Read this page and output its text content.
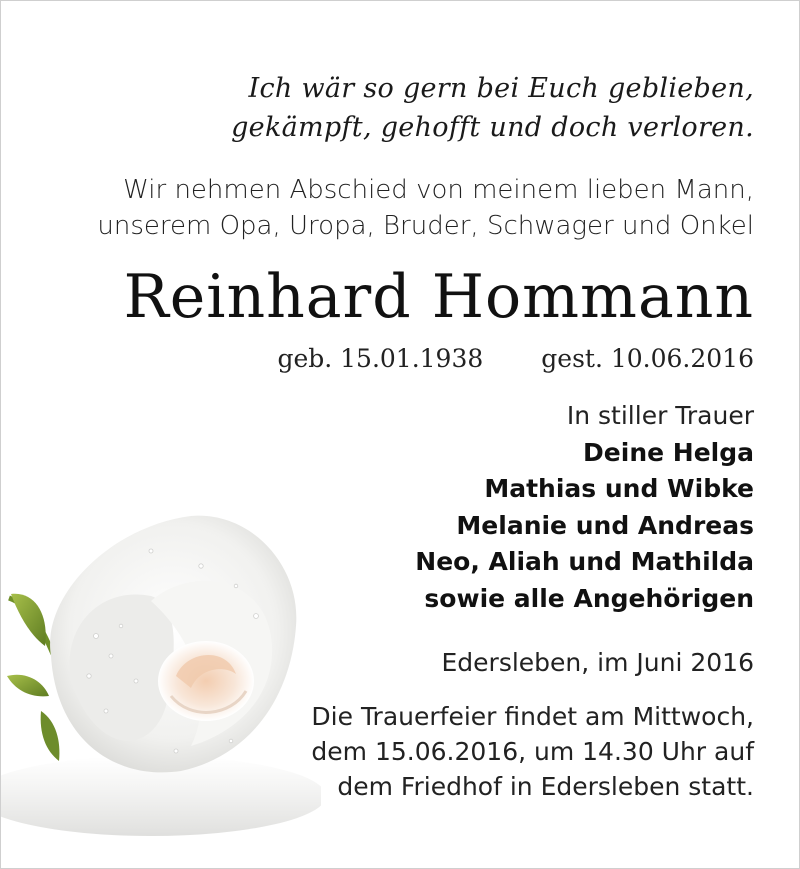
Ich wär so gern bei Euch geblieben,
gekämpft, gehofft und doch verloren.
Wir nehmen Abschied von meinem lieben Mann,
unserem Opa, Uropa, Bruder, Schwager und Onkel
Reinhard Hommann
geb. 15.01.1938 gest. 10.06.2016
In stiller Trauer
Deine Helga
Mathias und Wibke
Melanie und Andreas
Neo, Aliah und Mathilda
sowie alle Angehörigen
Edersleben, im Juni 2016
Die Trauerfeier findet am Mittwoch,
dem 15.06.2016, um 14.30 Uhr auf
dem Friedhof in Edersleben statt.
